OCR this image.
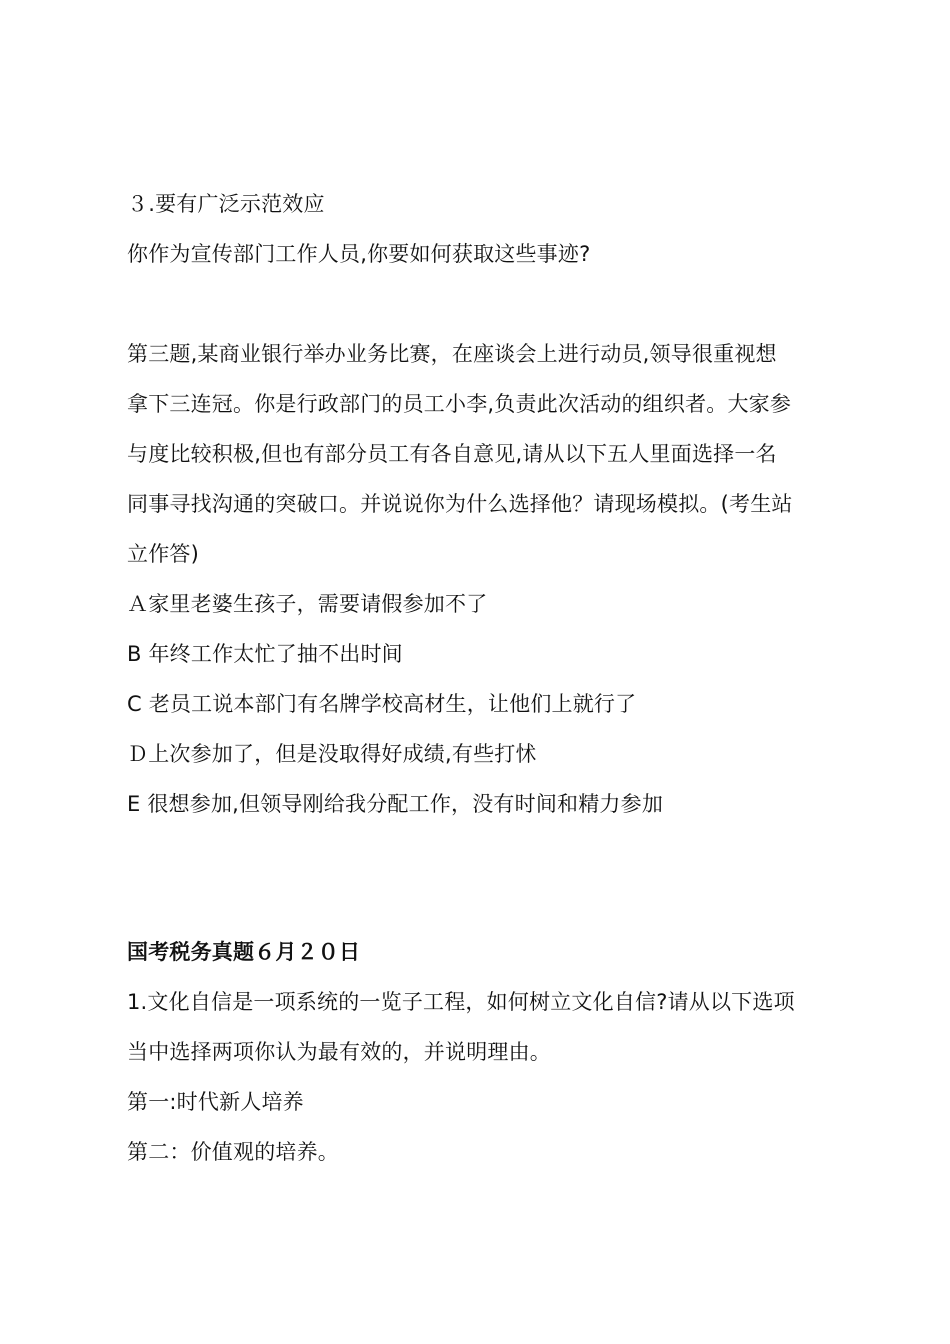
３.要有广泛示范效应
你作为宣传部门工作人员,你要如何获取这些事迹?
第三题,某商业银行举办业务比赛，在座谈会上进行动员,领导很重视想
拿下三连冠。你是行政部门的员工小李,负责此次活动的组织者。大家参
与度比较积极,但也有部分员工有各自意见,请从以下五人里面选择一名
同事寻找沟通的突破口。并说说你为什么选择他？请现场模拟。(考生站
立作答)
Ａ家里老婆生孩子，需要请假参加不了
B 年终工作太忙了抽不出时间
C 老员工说本部门有名牌学校高材生，让他们上就行了
Ｄ上次参加了，但是没取得好成绩,有些打怵
E 很想参加,但领导刚给我分配工作，没有时间和精力参加
国考税务真题６月２０日
1.文化自信是一项系统的一览子工程，如何树立文化自信?请从以下选项
当中选择两项你认为最有效的，并说明理由。
第一:时代新人培养
第二：价值观的培养。
